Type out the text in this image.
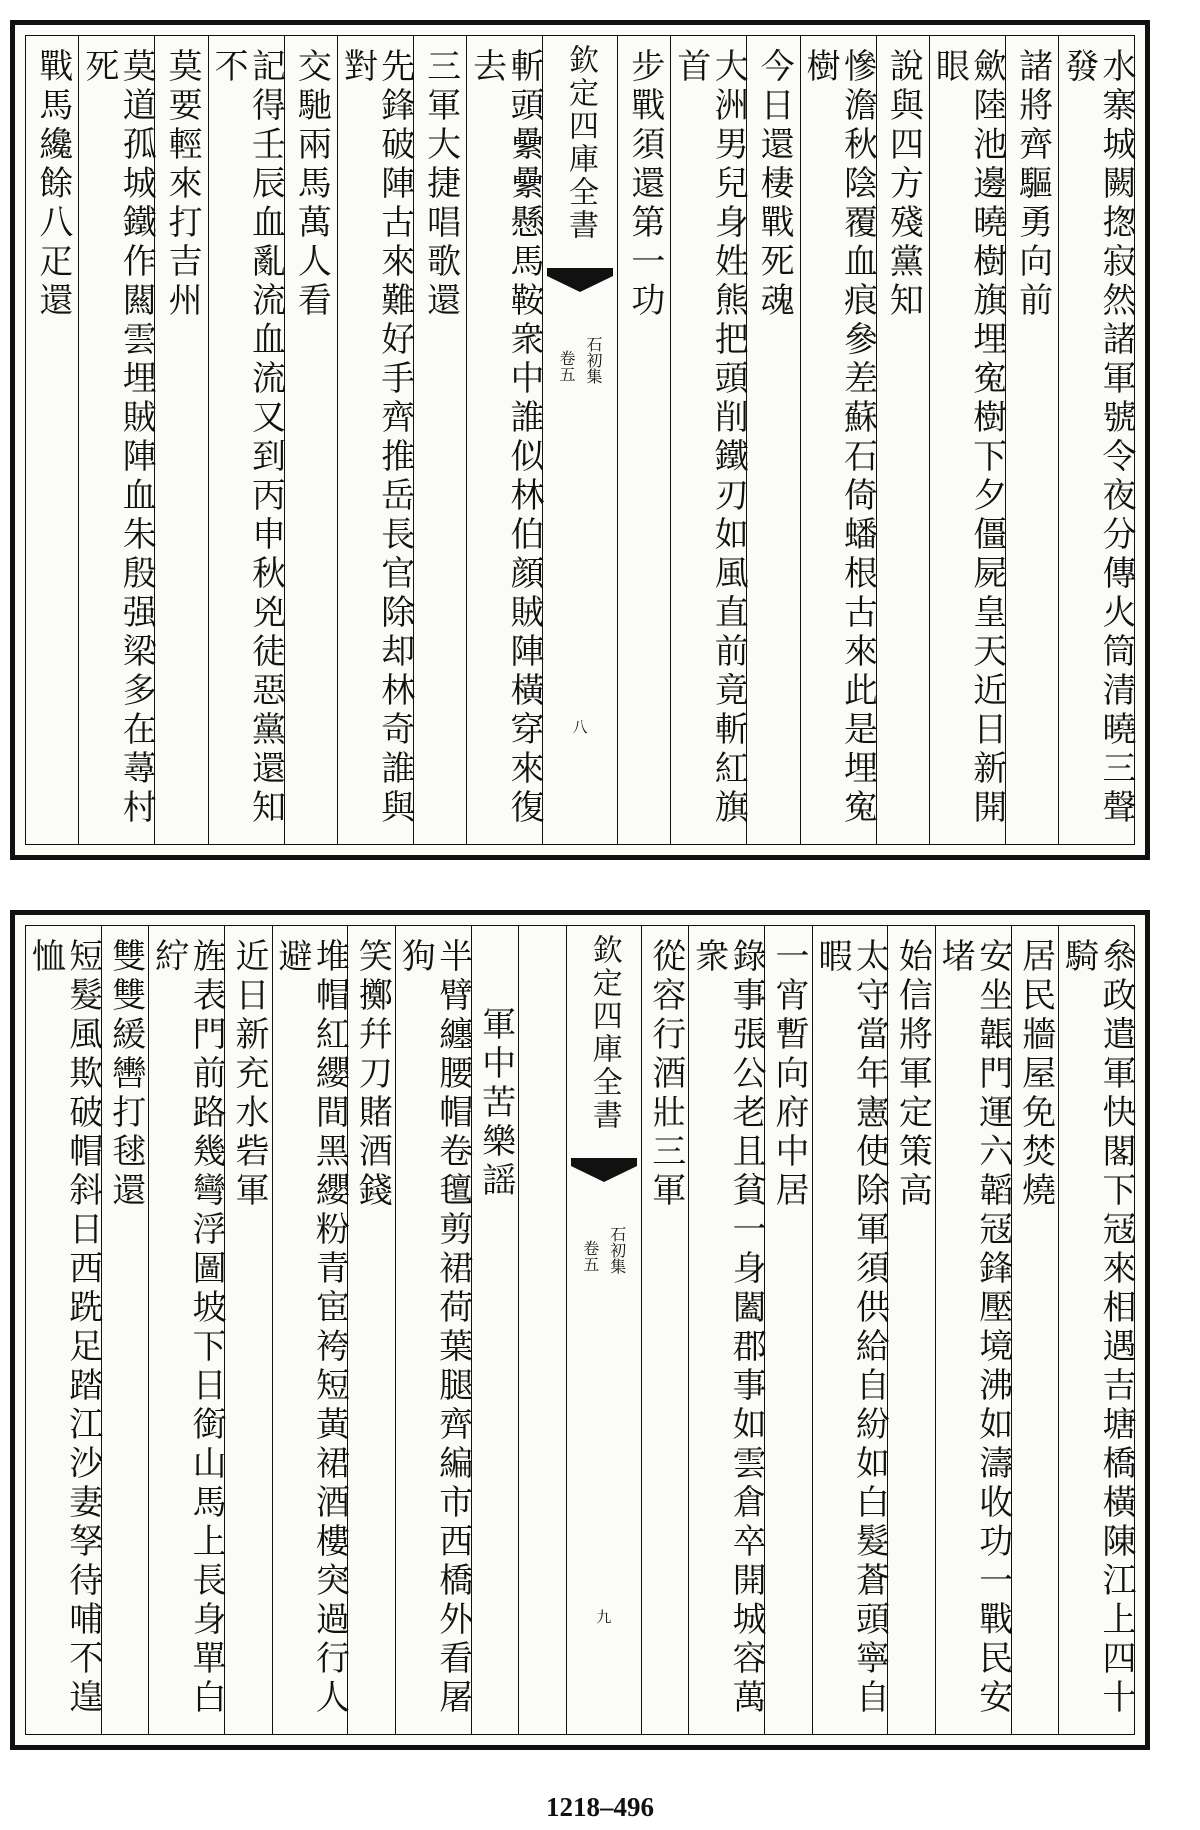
水寨城闕揔寂然諸軍號令夜分傳火筒清曉三聲發
諸將齊驅勇向前
歛陸池邊曉樹旗埋寃樹下夕僵屍皇天近日新開眼
說與四方殘黨知
慘澹秋陰覆血痕參差蘇石倚蟠根古來此是埋寃樹
今日還棲戰死魂
大洲男兒身姓熊把頭削鐵刃如風直前竟斬紅旗首
步戰須還第一功
欽定四庫全書
石初集
卷五
八
斬頭纍纍懸馬鞍衆中誰似林伯顔賊陣橫穿來復去
三軍大捷唱歌還
先鋒破陣古來難好手齊推岳長官除却林奇誰與對
交馳兩馬萬人看
記得壬辰血亂流血流又到丙申秋兇徒惡黨還知不
莫要輕來打吉州
莫道孤城鐵作闗雲埋賊陣血朱殷强梁多在蕁村死
戰馬纔餘八疋還
叅政遣軍快閣下冦來相遇吉塘橋橫陳江上四十騎
居民牆屋免焚燒
安坐韔門運六韜冦鋒壓境沸如濤收功一戰民安堵
始信將軍定策高
太守當年憲使除軍須供給自紛如白髮蒼頭寧自暇
一宵暫向府中居
錄事張公老且貧一身闔郡事如雲倉卒開城容萬衆
從容行酒壯三軍
欽定四庫全書
石初集
卷五
九
軍中苦樂謡
半臂纏腰帽卷氊剪裙荷葉腿齊編市西橋外看屠狗
笑擲幷刀賭酒錢
堆帽紅纓間黑纓粉青宦袴短黃裙酒樓突過行人避
近日新充水砦軍
旌表門前路幾彎浮圖坡下日銜山馬上長身單白紵
雙雙緩轡打毬還
短髮風欺破帽斜日西跣足踏江沙妻孥待哺不遑恤
1218–496
